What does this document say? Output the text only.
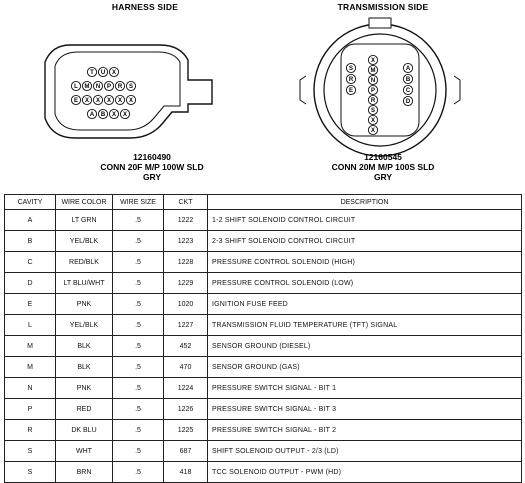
HARNESS SIDE	TRANSMISSION SIDE
T U X
L M N P R S
E X X X X X
A B X X
S
R
E
X
M
N
P
R
S
X
X
A
B
C
D
12160490
CONN 20F M/P 100W SLD
GRY
12160545
CONN 20M M/P 100S SLD
GRY
CAVITY	WIRE COLOR	WIRE SIZE	CKT	DESCRIPTION
A	LT GRN	.5	1222	1-2 SHIFT SOLENOID CONTROL CIRCUIT
B	YEL/BLK	.5	1223	2-3 SHIFT SOLENOID CONTROL CIRCUIT
C	RED/BLK	.5	1228	PRESSURE CONTROL SOLENOID (HIGH)
D	LT BLU/WHT	.5	1229	PRESSURE CONTROL SOLENOID (LOW)
E	PNK	.5	1020	IGNITION FUSE FEED
L	YEL/BLK	.5	1227	TRANSMISSION FLUID TEMPERATURE (TFT) SIGNAL
M	BLK	.5	452	SENSOR GROUND (DIESEL)
M	BLK	.5	470	SENSOR GROUND (GAS)
N	PNK	.5	1224	PRESSURE SWITCH SIGNAL - BIT 1
P	RED	.5	1226	PRESSURE SWITCH SIGNAL - BIT 3
R	DK BLU	.5	1225	PRESSURE SWITCH SIGNAL - BIT 2
S	WHT	.5	687	SHIFT SOLENOID OUTPUT - 2/3 (LD)
S	BRN	.5	418	TCC SOLENOID OUTPUT - PWM (HD)
